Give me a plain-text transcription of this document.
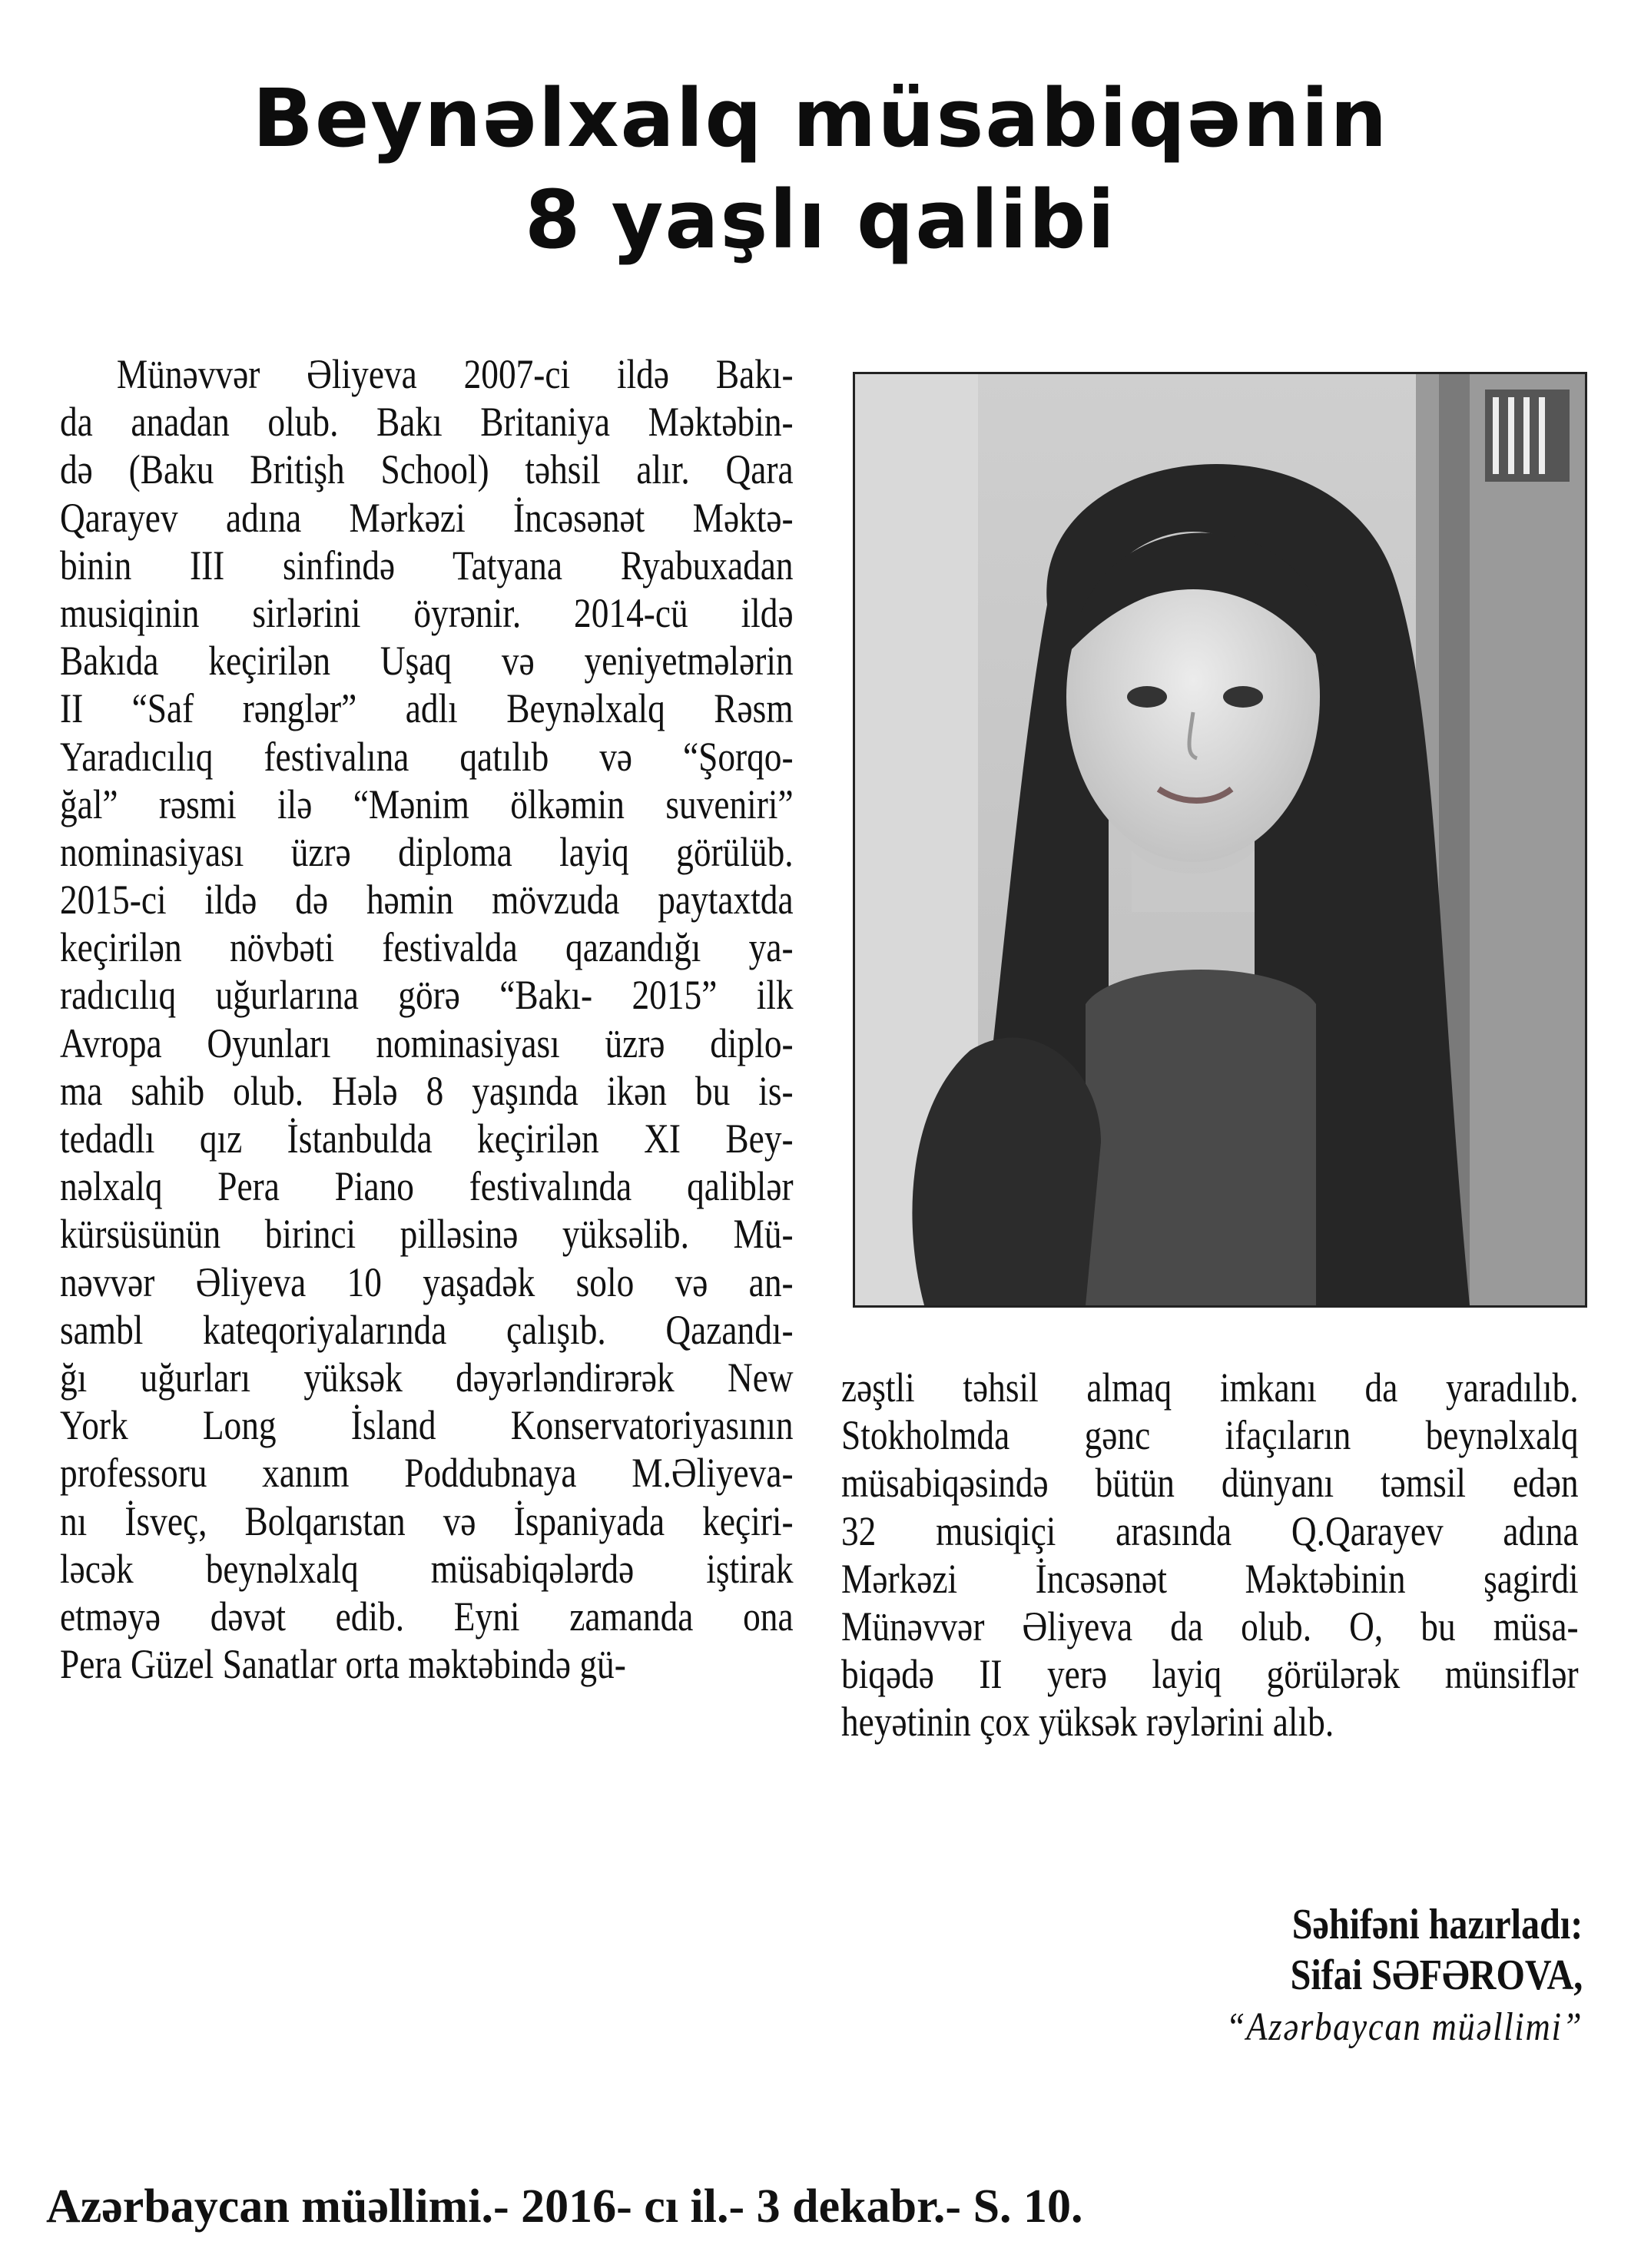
Beynəlxalq müsabiqənin
8 yaşlı qalibi
Münəvvər Əliyeva 2007-ci ildə Bakı-
da anadan olub. Bakı Britaniya Məktəbin-
də (Baku Britişh School) təhsil alır. Qara
Qarayev adına Mərkəzi İncəsənət Məktə-
binin III sinfində Tatyana Ryabuxadan
musiqinin sirlərini öyrənir. 2014-cü ildə
Bakıda keçirilən Uşaq və yeniyetmələrin
II “Saf rənglər” adlı Beynəlxalq Rəsm
Yaradıcılıq festivalına qatılıb və “Şorqo-
ğal” rəsmi ilə “Mənim ölkəmin suveniri”
nominasiyası üzrə diploma layiq görülüb.
2015-ci ildə də həmin mövzuda paytaxtda
keçirilən növbəti festivalda qazandığı ya-
radıcılıq uğurlarına görə “Bakı- 2015” ilk
Avropa Oyunları nominasiyası üzrə diplo-
ma sahib olub. Hələ 8 yaşında ikən bu is-
tedadlı qız İstanbulda keçirilən XI Bey-
nəlxalq Pera Piano festivalında qaliblər
kürsüsünün birinci pilləsinə yüksəlib. Mü-
nəvvər Əliyeva 10 yaşadək solo və an-
sambl kateqoriyalarında çalışıb. Qazandı-
ğı uğurları yüksək dəyərləndirərək New
York Long İsland Konservatoriyasının
professoru xanım Poddubnaya M.Əliyeva-
nı İsveç, Bolqarıstan və İspaniyada keçiri-
ləcək beynəlxalq müsabiqələrdə iştirak
etməyə dəvət edib. Eyni zamanda ona
Pera Güzel Sanatlar orta məktəbində gü-
zəştli təhsil almaq imkanı da yaradılıb.
Stokholmda gənc ifaçıların beynəlxalq
müsabiqəsində bütün dünyanı təmsil edən
32 musiqiçi arasında Q.Qarayev adına
Mərkəzi İncəsənət Məktəbinin şagirdi
Münəvvər Əliyeva da olub. O, bu müsa-
biqədə II yerə layiq görülərək münsiflər
heyətinin çox yüksək rəylərini alıb.
Səhifəni hazırladı:
Sifai SƏFƏROVA,
“Azərbaycan müəllimi”
Azərbaycan müəllimi.- 2016- cı il.- 3 dekabr.- S. 10.
